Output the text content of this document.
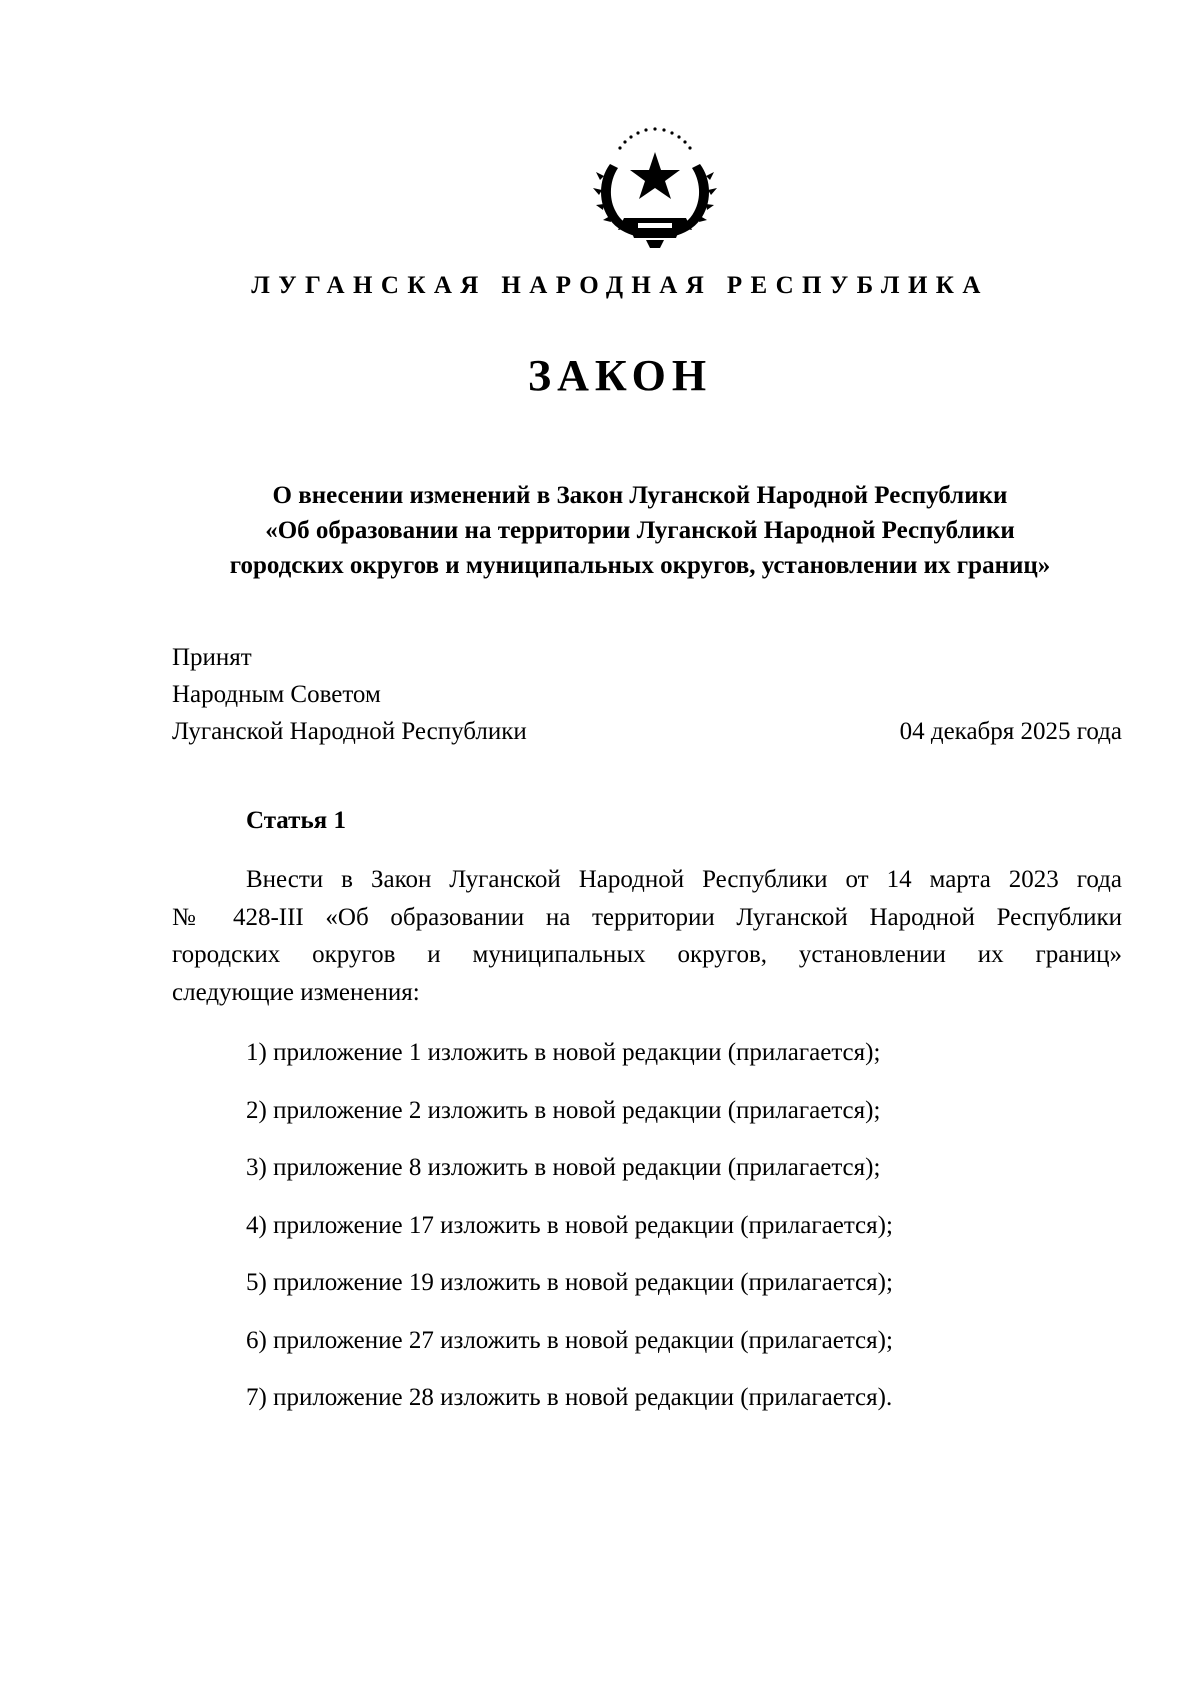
ЛУГАНСКАЯ НАРОДНАЯ РЕСПУБЛИКА
ЗАКОН
О внесении изменений в Закон Луганской Народной Республики
«Об образовании на территории Луганской Народной Республики
городских округов и муниципальных округов, установлении их границ»
Принят
Народным Советом
Луганской Народной Республики	04 декабря 2025 года
Статья 1
Внести в Закон Луганской Народной Республики от 14 марта 2023 года
№ 428-III «Об образовании на территории Луганской Народной Республики
городских округов и муниципальных округов, установлении их границ»
следующие изменения:
1) приложение 1 изложить в новой редакции (прилагается);
2) приложение 2 изложить в новой редакции (прилагается);
3) приложение 8 изложить в новой редакции (прилагается);
4) приложение 17 изложить в новой редакции (прилагается);
5) приложение 19 изложить в новой редакции (прилагается);
6) приложение 27 изложить в новой редакции (прилагается);
7) приложение 28 изложить в новой редакции (прилагается).
